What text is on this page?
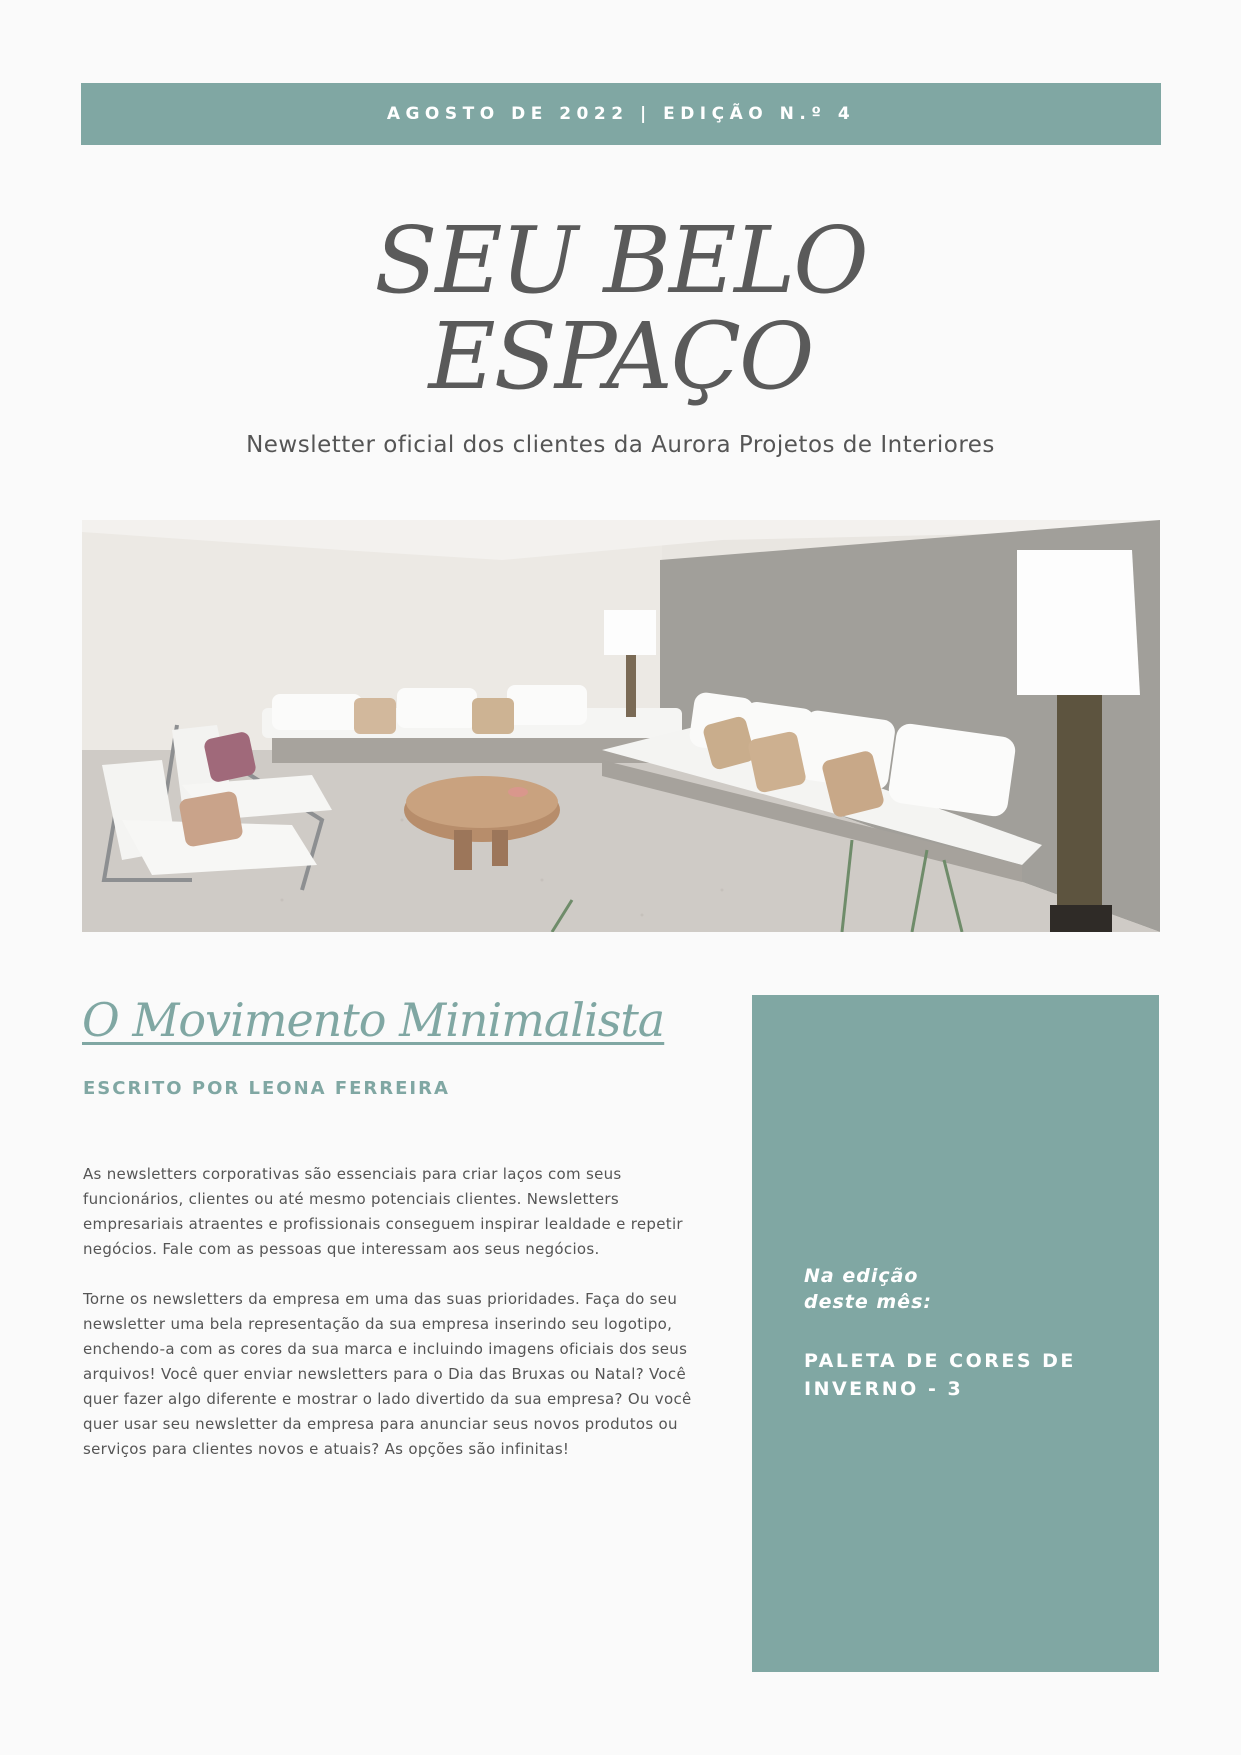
AGOSTO DE 2022 | EDIÇÃO N.º 4
SEU BELO
ESPAÇO
Newsletter oficial dos clientes da Aurora Projetos de Interiores
O Movimento Minimalista
ESCRITO POR LEONA FERREIRA
As newsletters corporativas são essenciais para criar laços com seus funcionários, clientes ou até mesmo potenciais clientes. Newsletters empresariais atraentes e profissionais conseguem inspirar lealdade e repetir negócios. Fale com as pessoas que interessam aos seus negócios.
Torne os newsletters da empresa em uma das suas prioridades. Faça do seu newsletter uma bela representação da sua empresa inserindo seu logotipo, enchendo-a com as cores da sua marca e incluindo imagens oficiais dos seus arquivos! Você quer enviar newsletters para o Dia das Bruxas ou Natal? Você quer fazer algo diferente e mostrar o lado divertido da sua empresa? Ou você quer usar seu newsletter da empresa para anunciar seus novos produtos ou serviços para clientes novos e atuais? As opções são infinitas!
Na edição
deste mês:
PALETA DE CORES DE INVERNO - 3
